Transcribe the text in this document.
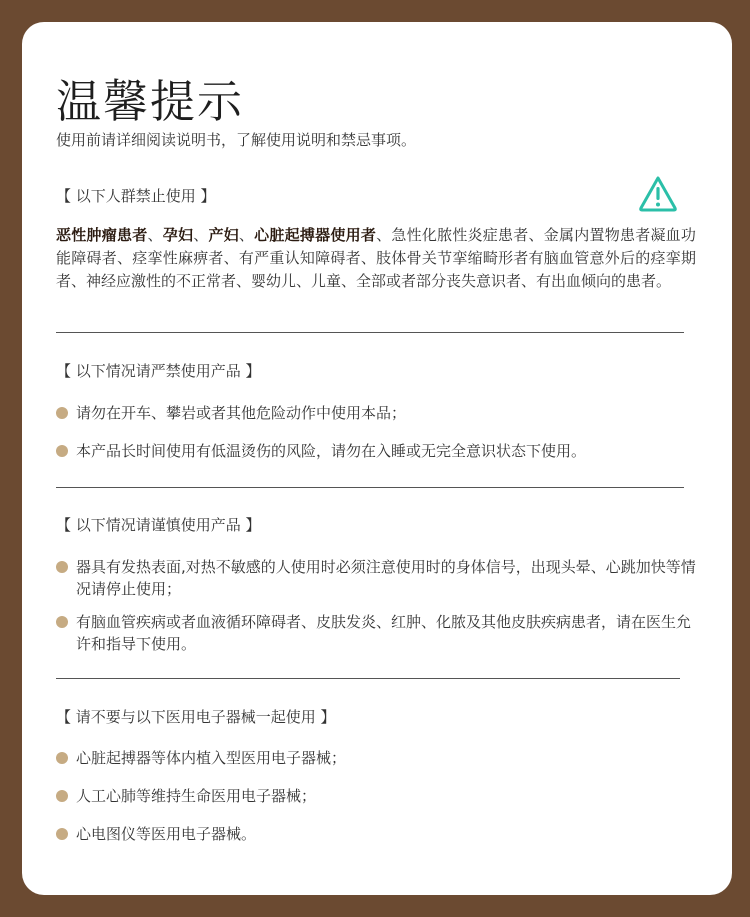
温馨提示
使用前请详细阅读说明书，了解使用说明和禁忌事项。
【 以下人群禁止使用 】
恶性肿瘤患者、孕妇、产妇、心脏起搏器使用者、急性化脓性炎症患者、金属内置物患者凝血功能障碍者、痉挛性麻痹者、有严重认知障碍者、肢体骨关节挛缩畸形者有脑血管意外后的痉挛期者、神经应激性的不正常者、婴幼儿、儿童、全部或者部分丧失意识者、有出血倾向的患者。
【 以下情况请严禁使用产品 】
请勿在开车、攀岩或者其他危险动作中使用本品；
本产品长时间使用有低温烫伤的风险，请勿在入睡或无完全意识状态下使用。
【 以下情况请谨慎使用产品 】
器具有发热表面,对热不敏感的人使用时必须注意使用时的身体信号，出现头晕、心跳加快等情况请停止使用；
有脑血管疾病或者血液循环障碍者、皮肤发炎、红肿、化脓及其他皮肤疾病患者，请在医生允许和指导下使用。
【 请不要与以下医用电子器械一起使用 】
心脏起搏器等体内植入型医用电子器械；
人工心肺等维持生命医用电子器械；
心电图仪等医用电子器械。
